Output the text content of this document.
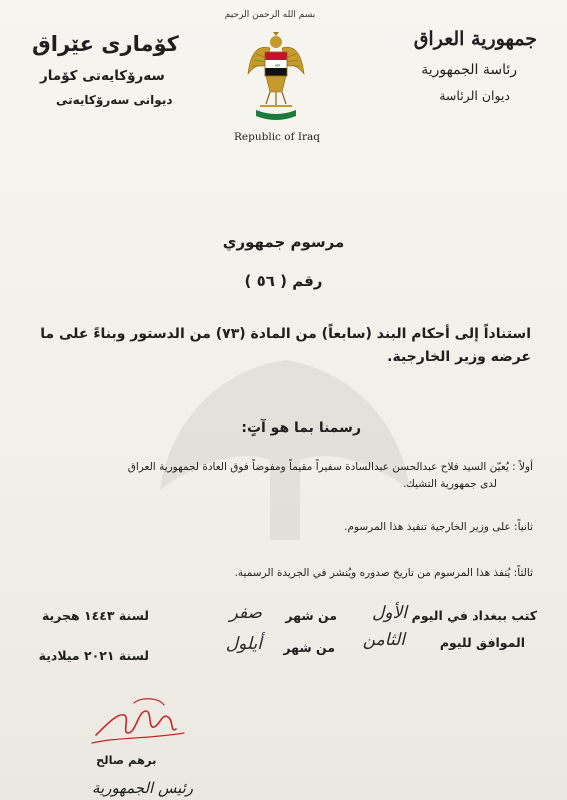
بسم الله الرحمن الرحيم
ﷲ
Republic of Iraq
جمهورية العراق
رئاسة الجمهورية
ديوان الرئاسة
كۆماری عێراق
سەرۆکایەتی کۆمار
دیوانی سەرۆکایەتی
مرسوم جمهوري
رقم ( ٥٦ )
استناداً إلى أحكام البند (سابعاً) من المادة (٧٣) من الدستور وبناءً على ما
عرضه وزير الخارجية.
رسمنا بما هو آتٍ:
أولاً : يُعيّن السيد فلاح عبدالحسن عبدالسادة سفيراً مقيماً ومفوضاً فوق العادة لجمهورية العراق
لدى جمهورية التشيك.
ثانياً: على وزير الخارجية تنفيذ هذا المرسوم.
ثالثاً: يُنفذ هذا المرسوم من تاريخ صدوره ويُنشر في الجريدة الرسمية.
كتب ببغداد في اليوم
الأول
من شهر
صفر
لسنة ١٤٤٣ هجرية
الموافق لليوم
الثامن
من شهر
أيلول
لسنة ٢٠٢١ ميلادية
برهم صالح
رئيس الجمهورية
